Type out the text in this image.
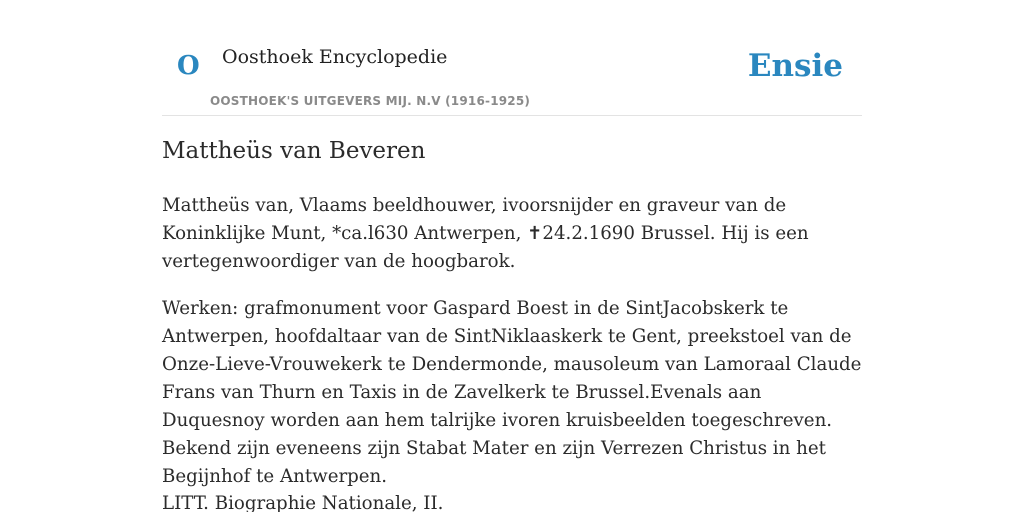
O Oosthoek Encyclopedie
OOSTHOEK'S UITGEVERS MIJ. N.V (1916-1925)
Ensie
Mattheüs van Beveren

Mattheüs van, Vlaams beeldhouwer, ivoorsnijder en graveur van de Koninklijke Munt, *ca.l630 Antwerpen, ✝24.2.1690 Brussel. Hij is een vertegenwoordiger van de hoogbarok.

Werken: grafmonument voor Gaspard Boest in de SintJacobskerk te Antwerpen, hoofdaltaar van de SintNiklaaskerk te Gent, preekstoel van de Onze-Lieve-Vrouwekerk te Dendermonde, mausoleum van Lamoraal Claude Frans van Thurn en Taxis in de Zavelkerk te Brussel.Evenals aan Duquesnoy worden aan hem talrijke ivoren kruisbeelden toegeschreven. Bekend zijn eveneens zijn Stabat Mater en zijn Verrezen Christus in het Begijnhof te Antwerpen.

LITT. Biographie Nationale, II.
